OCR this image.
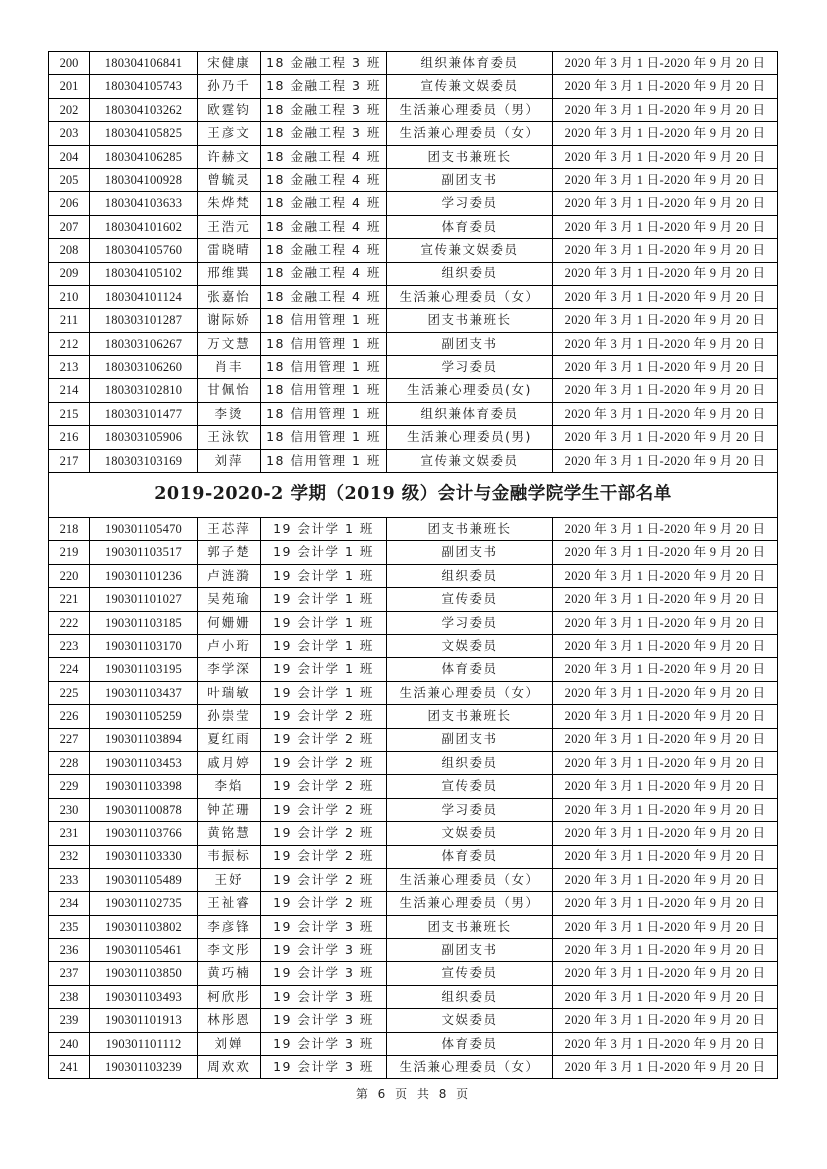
200	180304106841	宋健康	18 金融工程 3 班	组织兼体育委员	2020 年 3 月 1 日-2020 年 9 月 20 日
201	180304105743	孙乃千	18 金融工程 3 班	宣传兼文娱委员	2020 年 3 月 1 日-2020 年 9 月 20 日
202	180304103262	欧霆钧	18 金融工程 3 班	生活兼心理委员（男）	2020 年 3 月 1 日-2020 年 9 月 20 日
203	180304105825	王彦文	18 金融工程 3 班	生活兼心理委员（女）	2020 年 3 月 1 日-2020 年 9 月 20 日
204	180304106285	许赫文	18 金融工程 4 班	团支书兼班长	2020 年 3 月 1 日-2020 年 9 月 20 日
205	180304100928	曾毓灵	18 金融工程 4 班	副团支书	2020 年 3 月 1 日-2020 年 9 月 20 日
206	180304103633	朱烨梵	18 金融工程 4 班	学习委员	2020 年 3 月 1 日-2020 年 9 月 20 日
207	180304101602	王浩元	18 金融工程 4 班	体育委员	2020 年 3 月 1 日-2020 年 9 月 20 日
208	180304105760	雷晓晴	18 金融工程 4 班	宣传兼文娱委员	2020 年 3 月 1 日-2020 年 9 月 20 日
209	180304105102	邢维巽	18 金融工程 4 班	组织委员	2020 年 3 月 1 日-2020 年 9 月 20 日
210	180304101124	张嘉怡	18 金融工程 4 班	生活兼心理委员（女）	2020 年 3 月 1 日-2020 年 9 月 20 日
211	180303101287	谢际娇	18 信用管理 1 班	团支书兼班长	2020 年 3 月 1 日-2020 年 9 月 20 日
212	180303106267	万文慧	18 信用管理 1 班	副团支书	2020 年 3 月 1 日-2020 年 9 月 20 日
213	180303106260	肖丰	18 信用管理 1 班	学习委员	2020 年 3 月 1 日-2020 年 9 月 20 日
214	180303102810	甘佩怡	18 信用管理 1 班	生活兼心理委员(女)	2020 年 3 月 1 日-2020 年 9 月 20 日
215	180303101477	李烫	18 信用管理 1 班	组织兼体育委员	2020 年 3 月 1 日-2020 年 9 月 20 日
216	180303105906	王泳钦	18 信用管理 1 班	生活兼心理委员(男)	2020 年 3 月 1 日-2020 年 9 月 20 日
217	180303103169	刘萍	18 信用管理 1 班	宣传兼文娱委员	2020 年 3 月 1 日-2020 年 9 月 20 日
2019-2020-2 学期（2019 级）会计与金融学院学生干部名单					
218	190301105470	王芯萍	19 会计学 1 班	团支书兼班长	2020 年 3 月 1 日-2020 年 9 月 20 日
219	190301103517	郭子楚	19 会计学 1 班	副团支书	2020 年 3 月 1 日-2020 年 9 月 20 日
220	190301101236	卢涟漪	19 会计学 1 班	组织委员	2020 年 3 月 1 日-2020 年 9 月 20 日
221	190301101027	吴苑瑜	19 会计学 1 班	宣传委员	2020 年 3 月 1 日-2020 年 9 月 20 日
222	190301103185	何姗姗	19 会计学 1 班	学习委员	2020 年 3 月 1 日-2020 年 9 月 20 日
223	190301103170	卢小珩	19 会计学 1 班	文娱委员	2020 年 3 月 1 日-2020 年 9 月 20 日
224	190301103195	李学深	19 会计学 1 班	体育委员	2020 年 3 月 1 日-2020 年 9 月 20 日
225	190301103437	叶瑞敏	19 会计学 1 班	生活兼心理委员（女）	2020 年 3 月 1 日-2020 年 9 月 20 日
226	190301105259	孙崇莹	19 会计学 2 班	团支书兼班长	2020 年 3 月 1 日-2020 年 9 月 20 日
227	190301103894	夏红雨	19 会计学 2 班	副团支书	2020 年 3 月 1 日-2020 年 9 月 20 日
228	190301103453	戚月婷	19 会计学 2 班	组织委员	2020 年 3 月 1 日-2020 年 9 月 20 日
229	190301103398	李焰	19 会计学 2 班	宣传委员	2020 年 3 月 1 日-2020 年 9 月 20 日
230	190301100878	钟芷珊	19 会计学 2 班	学习委员	2020 年 3 月 1 日-2020 年 9 月 20 日
231	190301103766	黄铭慧	19 会计学 2 班	文娱委员	2020 年 3 月 1 日-2020 年 9 月 20 日
232	190301103330	韦振标	19 会计学 2 班	体育委员	2020 年 3 月 1 日-2020 年 9 月 20 日
233	190301105489	王妤	19 会计学 2 班	生活兼心理委员（女）	2020 年 3 月 1 日-2020 年 9 月 20 日
234	190301102735	王祉睿	19 会计学 2 班	生活兼心理委员（男）	2020 年 3 月 1 日-2020 年 9 月 20 日
235	190301103802	李彦锋	19 会计学 3 班	团支书兼班长	2020 年 3 月 1 日-2020 年 9 月 20 日
236	190301105461	李文彤	19 会计学 3 班	副团支书	2020 年 3 月 1 日-2020 年 9 月 20 日
237	190301103850	黄巧楠	19 会计学 3 班	宣传委员	2020 年 3 月 1 日-2020 年 9 月 20 日
238	190301103493	柯欣彤	19 会计学 3 班	组织委员	2020 年 3 月 1 日-2020 年 9 月 20 日
239	190301101913	林彤恩	19 会计学 3 班	文娱委员	2020 年 3 月 1 日-2020 年 9 月 20 日
240	190301101112	刘婵	19 会计学 3 班	体育委员	2020 年 3 月 1 日-2020 年 9 月 20 日
241	190301103239	周欢欢	19 会计学 3 班	生活兼心理委员（女）	2020 年 3 月 1 日-2020 年 9 月 20 日
第 6 页 共 8 页
